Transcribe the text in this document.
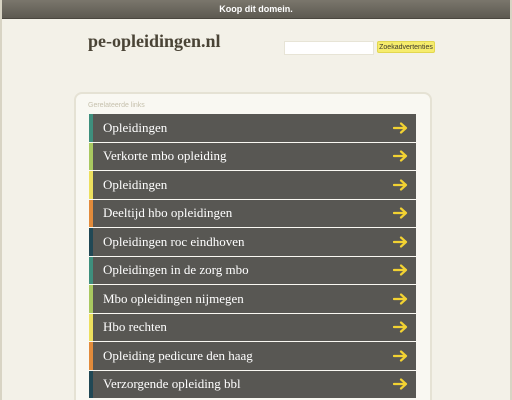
Koop dit domein.
pe-opleidingen.nl	Zoekadvertenties
Gerelateerde links
Opleidingen
Verkorte mbo opleiding
Opleidingen
Deeltijd hbo opleidingen
Opleidingen roc eindhoven
Opleidingen in de zorg mbo
Mbo opleidingen nijmegen
Hbo rechten
Opleiding pedicure den haag
Verzorgende opleiding bbl
